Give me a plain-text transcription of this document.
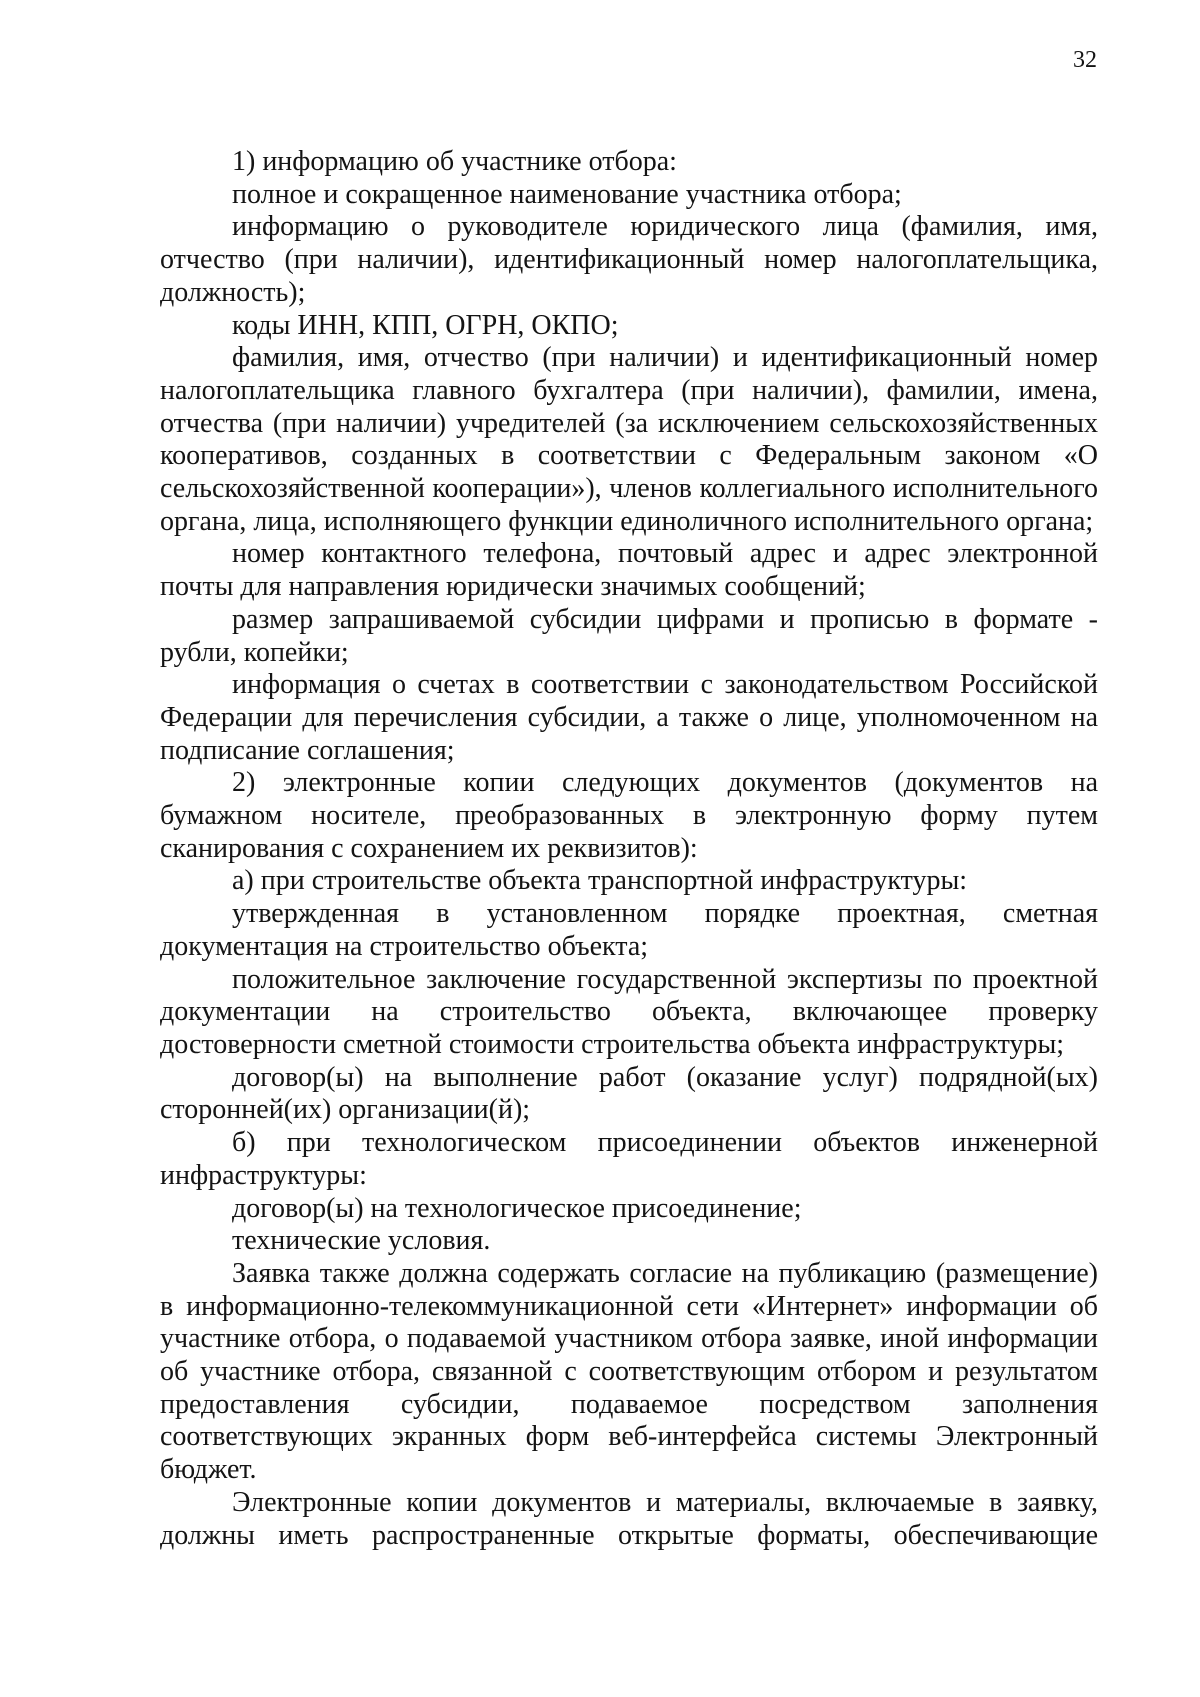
32

1) информацию об участнике отбора:

полное и сокращенное наименование участника отбора;

информацию о руководителе юридического лица (фамилия, имя, отчество (при наличии), идентификационный номер налогоплательщика, должность);

коды ИНН, КПП, ОГРН, ОКПО;

фамилия, имя, отчество (при наличии) и идентификационный номер налогоплательщика главного бухгалтера (при наличии), фамилии, имена, отчества (при наличии) учредителей (за исключением сельскохозяйственных кооперативов, созданных в соответствии с Федеральным законом «О сельскохозяйственной кооперации»), членов коллегиального исполнительного органа, лица, исполняющего функции единоличного исполнительного органа;

номер контактного телефона, почтовый адрес и адрес электронной почты для направления юридически значимых сообщений;

размер запрашиваемой субсидии цифрами и прописью в формате - рубли, копейки;

информация о счетах в соответствии с законодательством Российской Федерации для перечисления субсидии, а также о лице, уполномоченном на подписание соглашения;

2) электронные копии следующих документов (документов на бумажном носителе, преобразованных в электронную форму путем сканирования с сохранением их реквизитов):

а) при строительстве объекта транспортной инфраструктуры:

утвержденная в установленном порядке проектная, сметная документация на строительство объекта;

положительное заключение государственной экспертизы по проектной документации на строительство объекта, включающее проверку достоверности сметной стоимости строительства объекта инфраструктуры;

договор(ы) на выполнение работ (оказание услуг) подрядной(ых) сторонней(их) организации(й);

б) при технологическом присоединении объектов инженерной инфраструктуры:

договор(ы) на технологическое присоединение;

технические условия.

Заявка также должна содержать согласие на публикацию (размещение) в информационно-телекоммуникационной сети «Интернет» информации об участнике отбора, о подаваемой участником отбора заявке, иной информации об участнике отбора, связанной с соответствующим отбором и результатом предоставления субсидии, подаваемое посредством заполнения соответствующих экранных форм веб-интерфейса системы Электронный бюджет.

Электронные копии документов и материалы, включаемые в заявку, должны иметь распространенные открытые форматы, обеспечивающие
